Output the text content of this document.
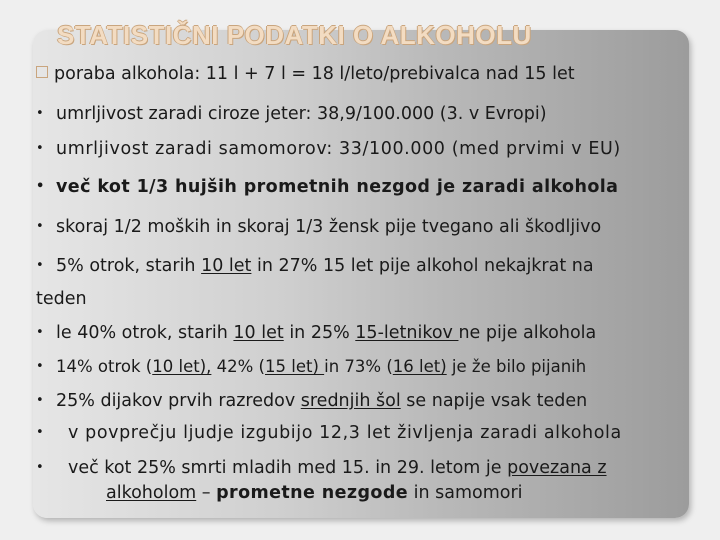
STATISTIČNI PODATKI O ALKOHOLU
poraba alkohola: 11 l + 7 l = 18 l/leto/prebivalca nad 15 let
• umrljivost zaradi ciroze jeter: 38,9/100.000 (3. v Evropi)
• umrljivost zaradi samomorov: 33/100.000 (med prvimi v EU)
• več kot 1/3 hujših prometnih nezgod je zaradi alkohola
• skoraj 1/2 moških in skoraj 1/3 žensk pije tvegano ali škodljivo
• 5% otrok, starih 10 let in 27% 15 let pije alkohol nekajkrat na
teden
• le 40% otrok, starih 10 let in 25% 15-letnikov ne pije alkohola
• 14% otrok (10 let), 42% (15 let) in 73% (16 let) je že bilo pijanih
• 25% dijakov prvih razredov srednjih šol se napije vsak teden
• v povprečju ljudje izgubijo 12,3 let življenja zaradi alkohola
• več kot 25% smrti mladih med 15. in 29. letom je povezana z
alkoholom – prometne nezgode in samomori
